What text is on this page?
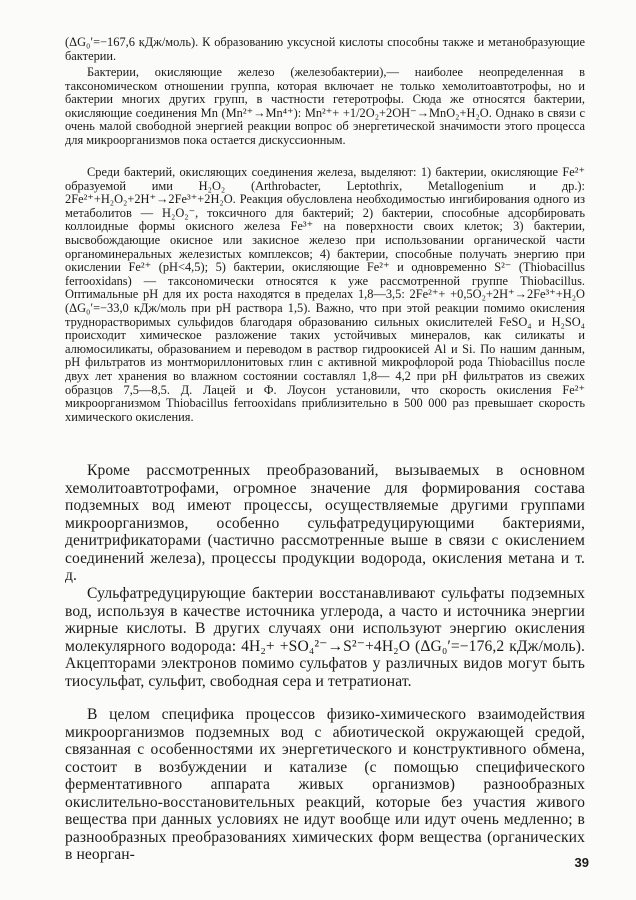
(ΔG₀′=−167,6 кДж/моль). К образованию уксусной кислоты способны также и метанобразующие бактерии.

Бактерии, окисляющие железо (железобактерии),— наиболее неопределенная в таксономическом отношении группа, которая включает не только хемолитоавтотрофы, но и бактерии многих других групп, в частности гетеротрофы. Сюда же относятся бактерии, окисляющие соединения Mn (Mn²⁺→Mn⁴⁺): Mn²⁺+ +1/2O₂+2OH⁻→MnO₂+H₂O. Однако в связи с очень малой свободной энергией реакции вопрос об энергетической значимости этого процесса для микроорганизмов пока остается дискуссионным.

Среди бактерий, окисляющих соединения железа, выделяют: 1) бактерии, окисляющие Fe²⁺ образуемой ими H₂O₂ (Arthrobacter, Leptothrix, Metallogenium и др.): 2Fe²⁺+H₂O₂+2H⁺→2Fe³⁺+2H₂O. Реакция обусловлена необходимостью ингибирования одного из метаболитов — H₂O₂⁻, токсичного для бактерий; 2) бактерии, способные адсорбировать коллоидные формы окисного железа Fe³⁺ на поверхности своих клеток; 3) бактерии, высвобождающие окисное или закисное железо при использовании органической части органоминеральных железистых комплексов; 4) бактерии, способные получать энергию при окислении Fe²⁺ (pH<4,5); 5) бактерии, окисляющие Fe²⁺ и одновременно S²⁻ (Thiobacillus ferrooxidans) — таксономически относятся к уже рассмотренной группе Thiobacillus. Оптимальные pH для их роста находятся в пределах 1,8—3,5: 2Fe²⁺+ +0,5O₂+2H⁺→2Fe³⁺+H₂O (ΔG₀′=−33,0 кДж/моль при pH раствора 1,5). Важно, что при этой реакции помимо окисления труднорастворимых сульфидов благодаря образованию сильных окислителей FeSO₄ и H₂SO₄ происходит химическое разложение таких устойчивых минералов, как силикаты и алюмосиликаты, образованием и переводом в раствор гидроокисей Al и Si. По нашим данным, pH фильтратов из монтмориллонитовых глин с активной микрофлорой рода Thiobacillus после двух лет хранения во влажном состоянии составлял 1,8— 4,2 при pH фильтратов из свежих образцов 7,5—8,5. Д. Лацей и Ф. Лоусон установили, что скорость окисления Fe²⁺ микроорганизмом Thiobacillus ferrooxidans приблизительно в 500 000 раз превышает скорость химического окисления.

Кроме рассмотренных преобразований, вызываемых в основном хемолитоавтотрофами, огромное значение для формирования состава подземных вод имеют процессы, осуществляемые другими группами микроорганизмов, особенно сульфатредуцирующими бактериями, денитрификаторами (частично рассмотренные выше в связи с окислением соединений железа), процессы продукции водорода, окисления метана и т. д.

Сульфатредуцирующие бактерии восстанавливают сульфаты подземных вод, используя в качестве источника углерода, а часто и источника энергии жирные кислоты. В других случаях они используют энергию окисления молекулярного водорода: 4H₂+ +SO₄²⁻→S²⁻+4H₂O (ΔG₀′=−176,2 кДж/моль). Акцепторами электронов помимо сульфатов у различных видов могут быть тиосульфат, сульфит, свободная сера и тетратионат.

В целом специфика процессов физико-химического взаимодействия микроорганизмов подземных вод с абиотической окружающей средой, связанная с особенностями их энергетического и конструктивного обмена, состоит в возбуждении и катализе (с помощью специфического ферментативного аппарата живых организмов) разнообразных окислительно-восстановительных реакций, которые без участия живого вещества при данных условиях не идут вообще или идут очень медленно; в разнообразных преобразованиях химических форм вещества (органических в неорган-	39
